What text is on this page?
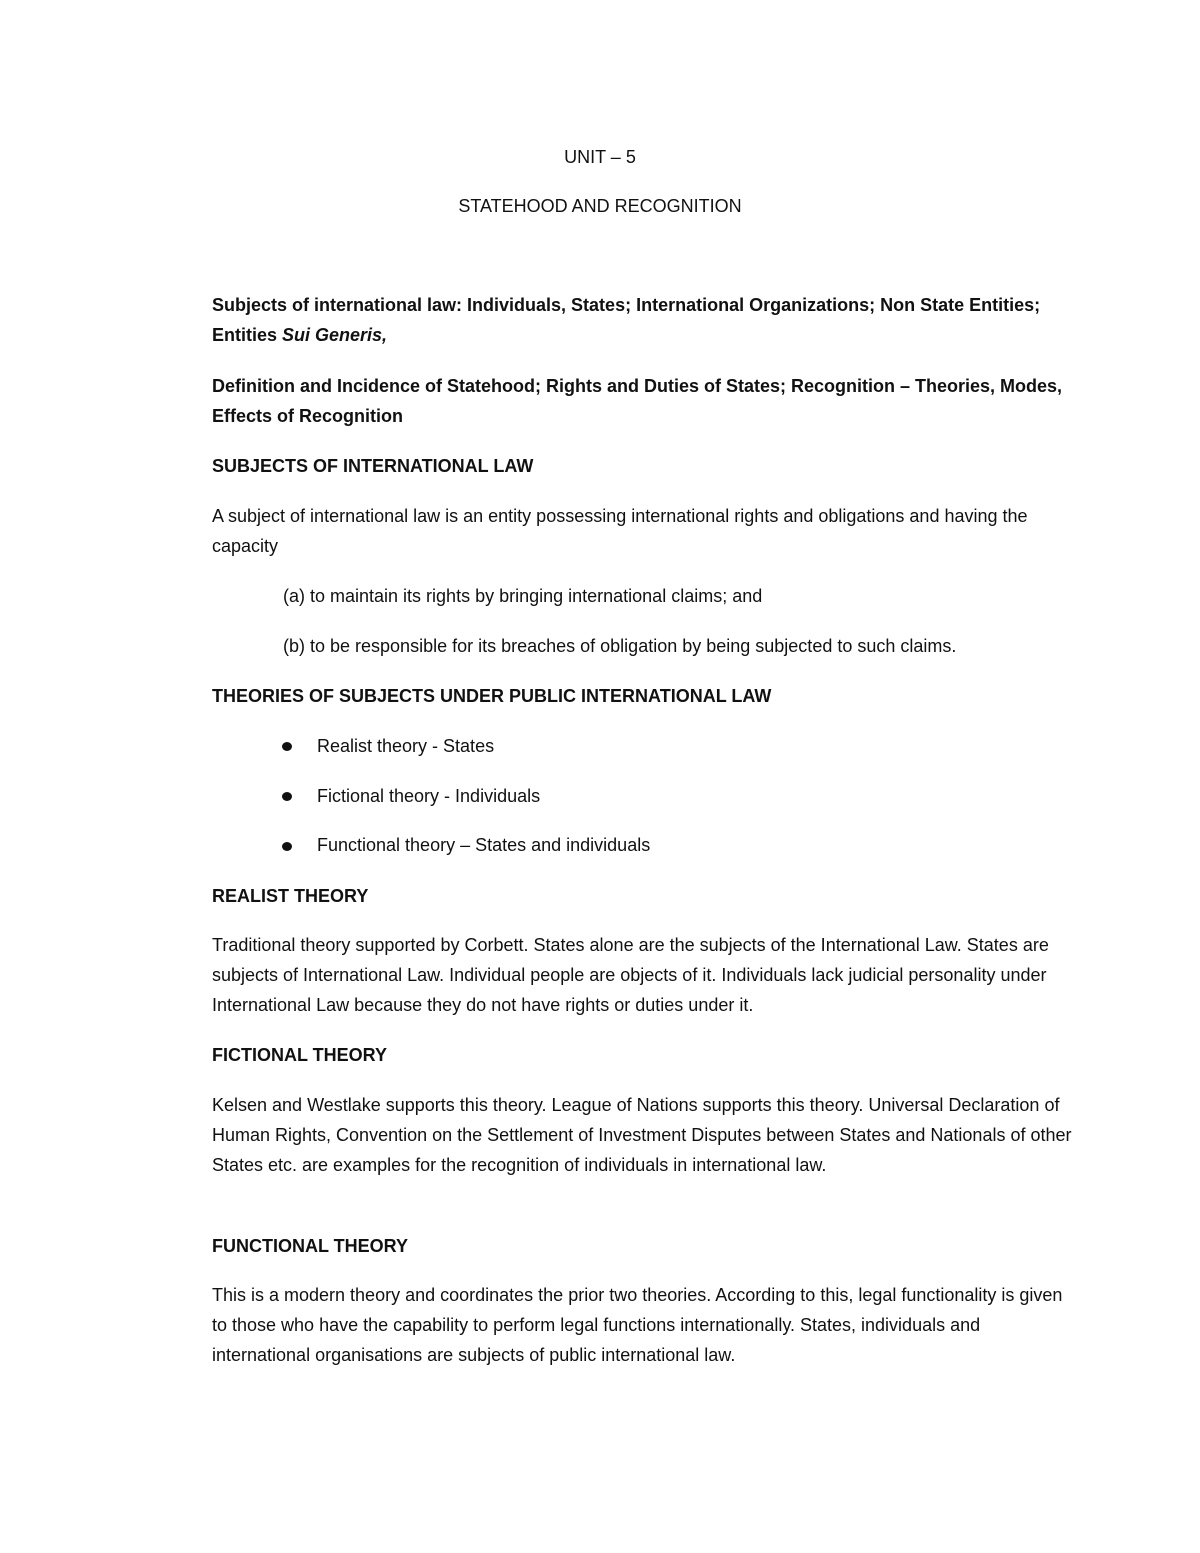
UNIT – 5

STATEHOOD AND RECOGNITION

Subjects of international law: Individuals, States; International Organizations; Non State Entities; Entities Sui Generis,

Definition and Incidence of Statehood; Rights and Duties of States; Recognition – Theories, Modes, Effects of Recognition

SUBJECTS OF INTERNATIONAL LAW

A subject of international law is an entity possessing international rights and obligations and having the capacity

(a) to maintain its rights by bringing international claims; and

(b) to be responsible for its breaches of obligation by being subjected to such claims.

THEORIES OF SUBJECTS UNDER PUBLIC INTERNATIONAL LAW

Realist theory - States

Fictional theory - Individuals

Functional theory – States and individuals

REALIST THEORY

Traditional theory supported by Corbett. States alone are the subjects of the International Law. States are subjects of International Law. Individual people are objects of it. Individuals lack judicial personality under International Law because they do not have rights or duties under it.

FICTIONAL THEORY

Kelsen and Westlake supports this theory. League of Nations supports this theory. Universal Declaration of Human Rights, Convention on the Settlement of Investment Disputes between States and Nationals of other States etc. are examples for the recognition of individuals in international law.

FUNCTIONAL THEORY

This is a modern theory and coordinates the prior two theories. According to this, legal functionality is given to those who have the capability to perform legal functions internationally. States, individuals and international organisations are subjects of public international law.
